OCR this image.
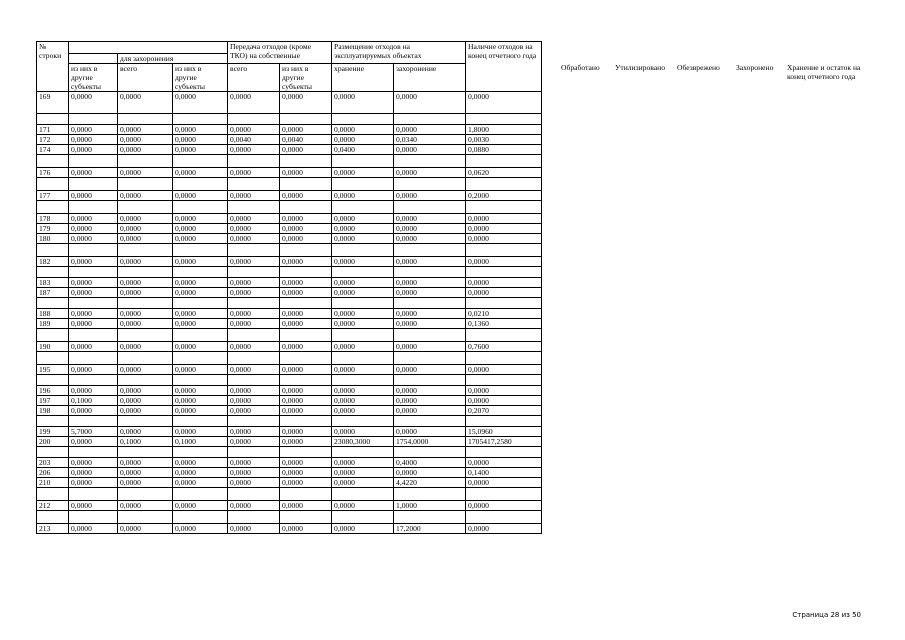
№ строки				Передача отходов (кроме ТКО) на собственные		Размещение отходов на эксплуатируемых объектах		Наличие отходов на конец отчетного года
		для захоронения						
	из них в другие субъекты	всего	из них в другие субъекты	всего	из них в другие субъекты	хранение	захоронение	
169	0,0000	0,0000	0,0000	0,0000	0,0000	0,0000	0,0000	0,0000

171	0,0000	0,0000	0,0000	0,0000	0,0000	0,0000	0,0000	1,8000
172	0,0000	0,0000	0,0000	0,0040	0,0040	0,0000	0,0340	0,0030
174	0,0000	0,0000	0,0000	0,0000	0,0000	0,0400	0,0000	0,0880

176	0,0000	0,0000	0,0000	0,0000	0,0000	0,0000	0,0000	0,0620

177	0,0000	0,0000	0,0000	0,0000	0,0000	0,0000	0,0000	0,2000

178	0,0000	0,0000	0,0000	0,0000	0,0000	0,0000	0,0000	0,0000
179	0,0000	0,0000	0,0000	0,0000	0,0000	0,0000	0,0000	0,0000
180	0,0000	0,0000	0,0000	0,0000	0,0000	0,0000	0,0000	0,0000

182	0,0000	0,0000	0,0000	0,0000	0,0000	0,0000	0,0000	0,0000

183	0,0000	0,0000	0,0000	0,0000	0,0000	0,0000	0,0000	0,0000
187	0,0000	0,0000	0,0000	0,0000	0,0000	0,0000	0,0000	0,0000

188	0,0000	0,0000	0,0000	0,0000	0,0000	0,0000	0,0000	0,0210
189	0,0000	0,0000	0,0000	0,0000	0,0000	0,0000	0,0000	0,1360

190	0,0000	0,0000	0,0000	0,0000	0,0000	0,0000	0,0000	0,7600

195	0,0000	0,0000	0,0000	0,0000	0,0000	0,0000	0,0000	0,0000

196	0,0000	0,0000	0,0000	0,0000	0,0000	0,0000	0,0000	0,0000
197	0,1000	0,0000	0,0000	0,0000	0,0000	0,0000	0,0000	0,0000
198	0,0000	0,0000	0,0000	0,0000	0,0000	0,0000	0,0000	0,2070

199	5,7000	0,0000	0,0000	0,0000	0,0000	0,0000	0,0000	15,0960
200	0,0000	0,1000	0,1000	0,0000	0,0000	23080,3000	1754,0000	1705417,2580

203	0,0000	0,0000	0,0000	0,0000	0,0000	0,0000	0,4000	0,0000
206	0,0000	0,0000	0,0000	0,0000	0,0000	0,0000	0,0000	0,1400
210	0,0000	0,0000	0,0000	0,0000	0,0000	0,0000	4,4220	0,0000

212	0,0000	0,0000	0,0000	0,0000	0,0000	0,0000	1,0000	0,0000

213	0,0000	0,0000	0,0000	0,0000	0,0000	0,0000	17,2000	0,0000
Обработано Утилизировано Обезврежено Захоронено Хранение и остаток на конец отчетного года
Страница 28 из 50
